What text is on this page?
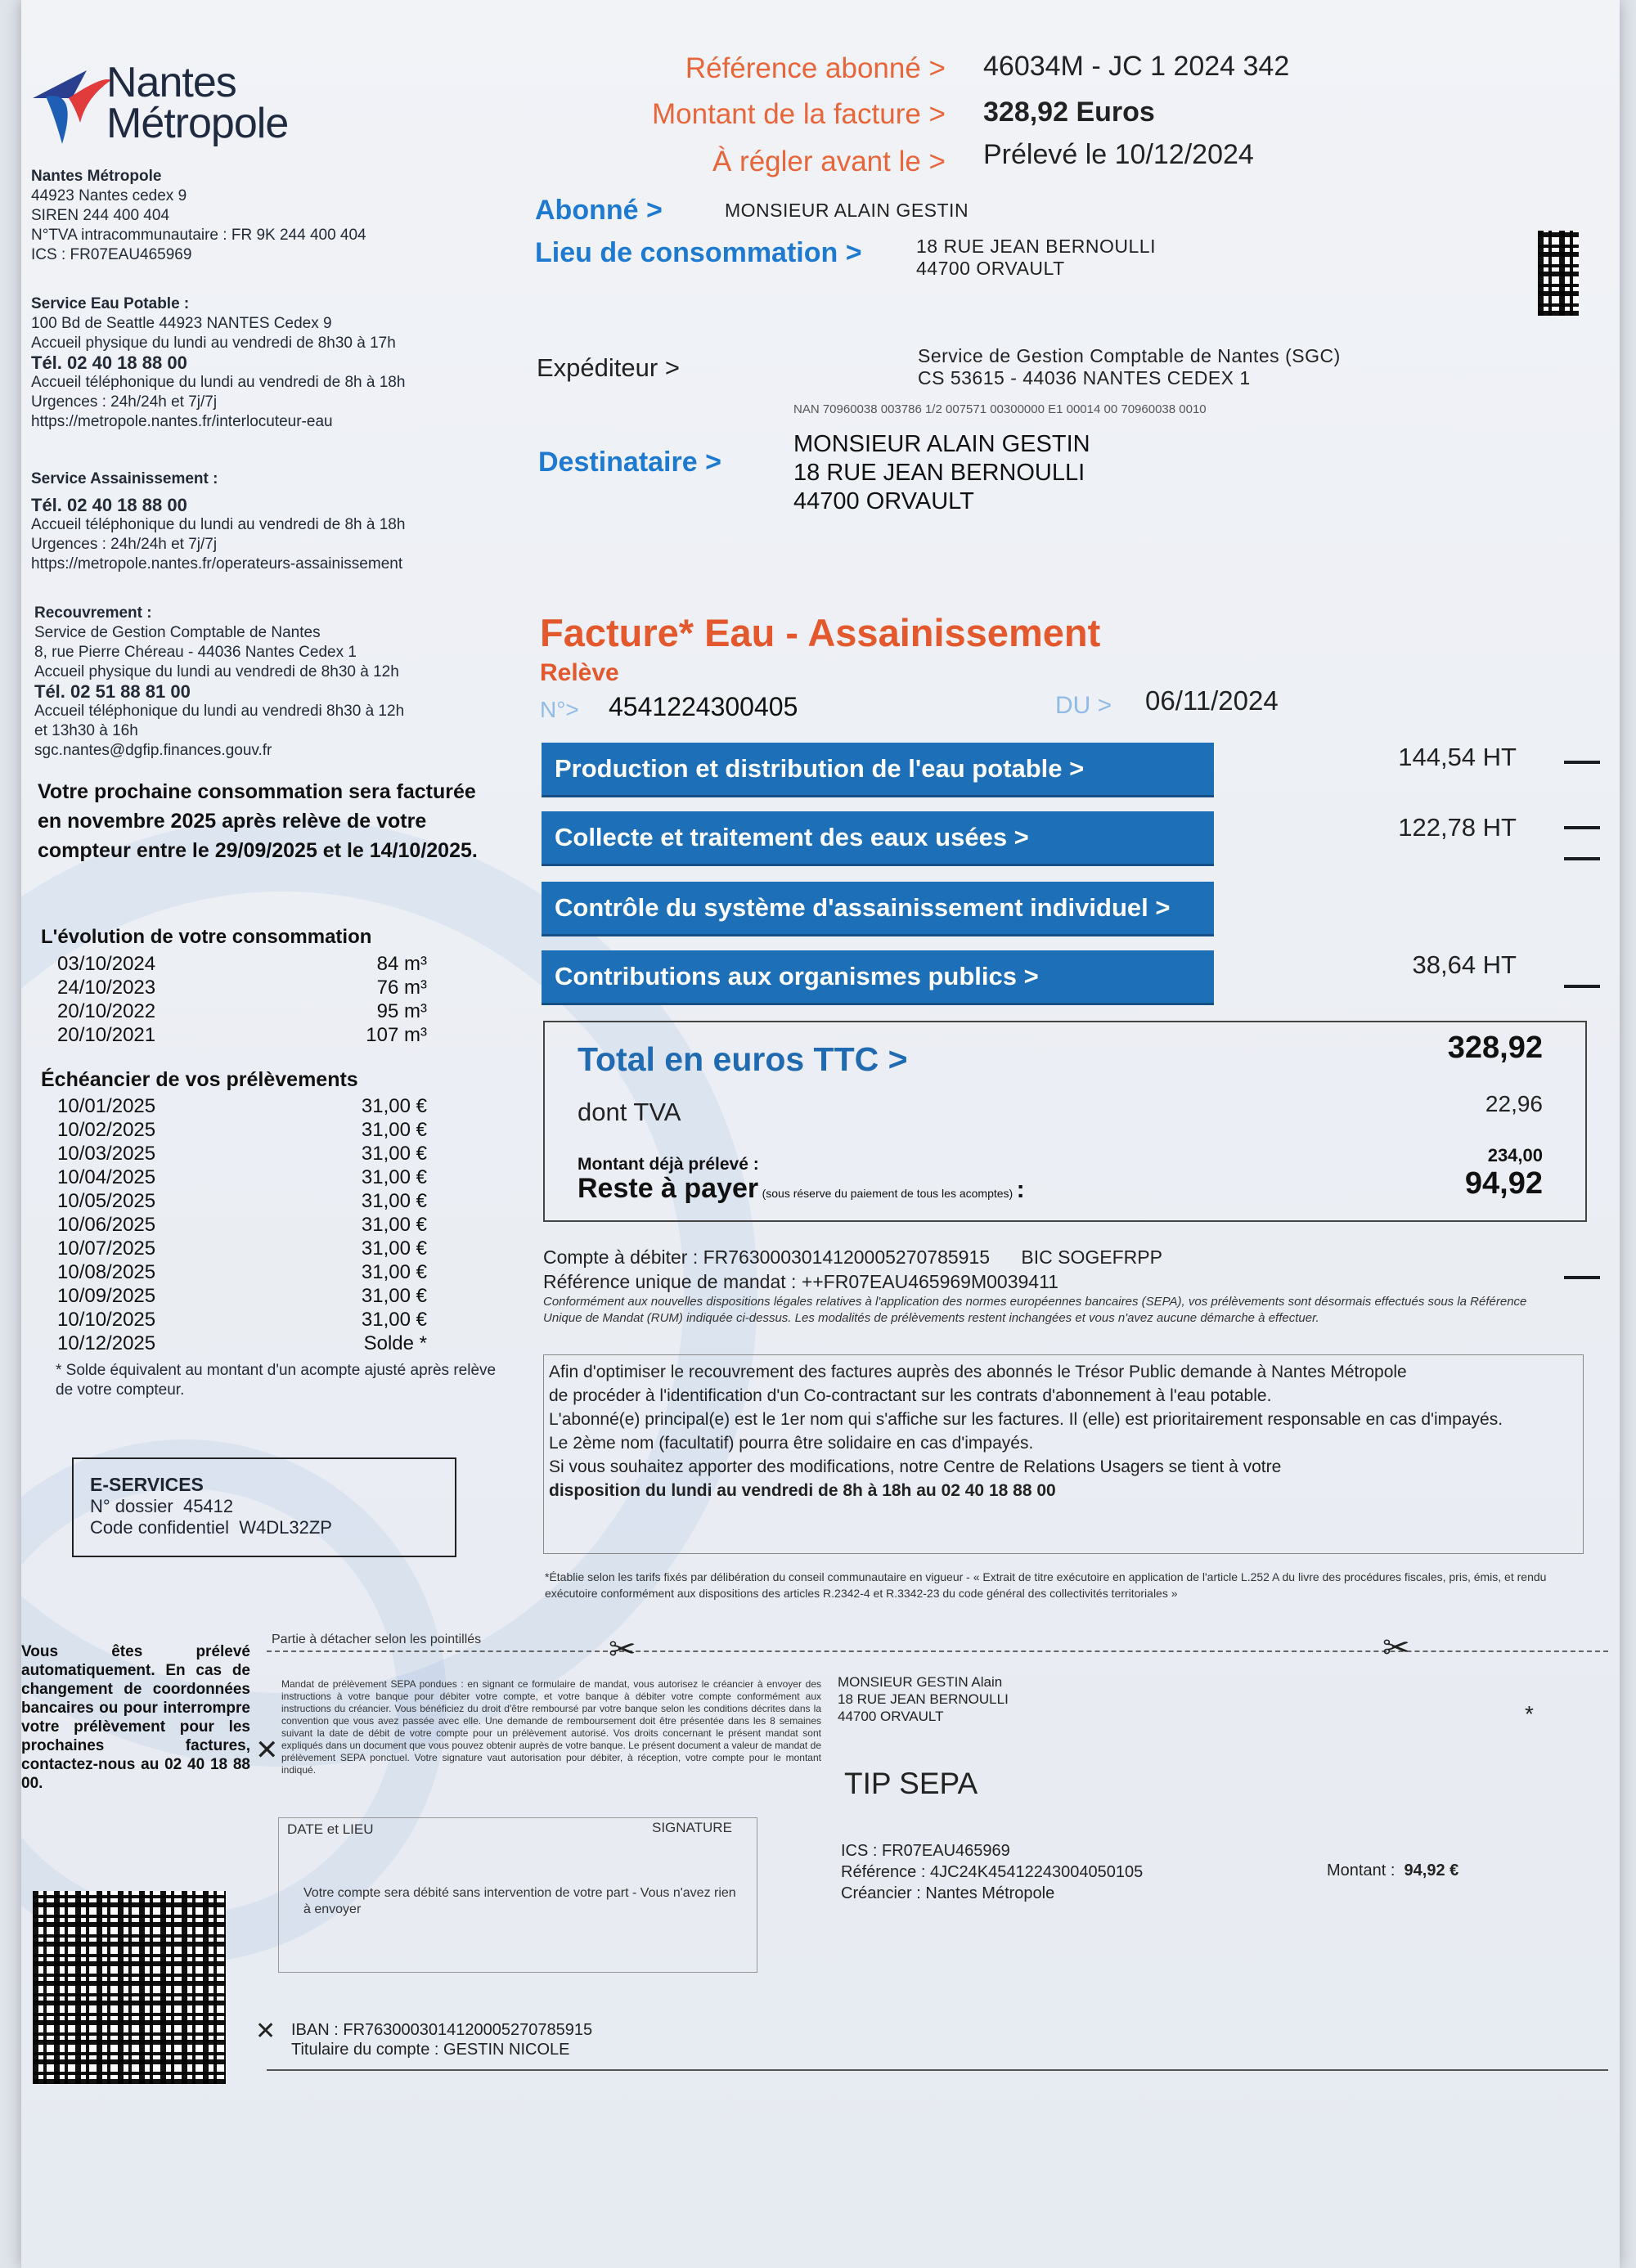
Nantes
Métropole
Référence abonné > 46034M - JC 1 2024 342
Montant de la facture > 328,92 Euros
À régler avant le > Prélevé le 10/12/2024
Nantes Métropole
44923 Nantes cedex 9
SIREN 244 400 404
N°TVA intracommunautaire : FR 9K 244 400 404
ICS : FR07EAU465969
Service Eau Potable :
100 Bd de Seattle 44923 NANTES Cedex 9
Accueil physique du lundi au vendredi de 8h30 à 17h
Tél. 02 40 18 88 00
Accueil téléphonique du lundi au vendredi de 8h à 18h
Urgences : 24h/24h et 7j/7j
https://metropole.nantes.fr/interlocuteur-eau
Service Assainissement :
Tél. 02 40 18 88 00
Accueil téléphonique du lundi au vendredi de 8h à 18h
Urgences : 24h/24h et 7j/7j
https://metropole.nantes.fr/operateurs-assainissement
Recouvrement :
Service de Gestion Comptable de Nantes
8, rue Pierre Chéreau - 44036 Nantes Cedex 1
Accueil physique du lundi au vendredi de 8h30 à 12h
Tél. 02 51 88 81 00
Accueil téléphonique du lundi au vendredi 8h30 à 12h
et 13h30 à 16h
sgc.nantes@dgfip.finances.gouv.fr
Votre prochaine consommation sera facturée en novembre 2025 après relève de votre compteur entre le 29/09/2025 et le 14/10/2025.
L'évolution de votre consommation
03/10/2024	84 m³
24/10/2023	76 m³
20/10/2022	95 m³
20/10/2021	107 m³
Échéancier de vos prélèvements
10/01/2025	31,00 €
10/02/2025	31,00 €
10/03/2025	31,00 €
10/04/2025	31,00 €
10/05/2025	31,00 €
10/06/2025	31,00 €
10/07/2025	31,00 €
10/08/2025	31,00 €
10/09/2025	31,00 €
10/10/2025	31,00 €
10/12/2025	Solde *
* Solde équivalent au montant d'un acompte ajusté après relève de votre compteur.
E-SERVICES
N° dossier 45412
Code confidentiel W4DL32ZP
Abonné >	MONSIEUR ALAIN GESTIN
Lieu de consommation >	18 RUE JEAN BERNOULLI
44700 ORVAULT
Expéditeur >	Service de Gestion Comptable de Nantes (SGC)
CS 53615 - 44036 NANTES CEDEX 1
NAN 70960038 003786 1/2 007571 00300000 E1 00014 00 70960038 0010
Destinataire >
MONSIEUR ALAIN GESTIN
18 RUE JEAN BERNOULLI
44700 ORVAULT
Facture* Eau - Assainissement
Relève
N°> 4541224300405	DU > 06/11/2024
Production et distribution de l'eau potable >	144,54 HT
Collecte et traitement des eaux usées >	122,78 HT
Contrôle du système d'assainissement individuel >
Contributions aux organismes publics >	38,64 HT
Total en euros TTC >	328,92
dont TVA	22,96
Montant déjà prélevé :	234,00
Reste à payer (sous réserve du paiement de tous les acomptes) :	94,92
Compte à débiter : FR7630003014120005270785915      BIC SOGEFRPP
Référence unique de mandat : ++FR07EAU465969M0039411
Conformément aux nouvelles dispositions légales relatives à l'application des normes européennes bancaires (SEPA), vos prélèvements sont désormais effectués sous la Référence Unique de Mandat (RUM) indiquée ci-dessus. Les modalités de prélèvements restent inchangées et vous n'avez aucune démarche à effectuer.
Afin d'optimiser le recouvrement des factures auprès des abonnés le Trésor Public demande à Nantes Métropole
de procéder à l'identification d'un Co-contractant sur les contrats d'abonnement à l'eau potable.
L'abonné(e) principal(e) est le 1er nom qui s'affiche sur les factures. Il (elle) est prioritairement responsable en cas d'impayés.
Le 2ème nom (facultatif) pourra être solidaire en cas d'impayés.
Si vous souhaitez apporter des modifications, notre Centre de Relations Usagers se tient à votre
disposition du lundi au vendredi de 8h à 18h au 02 40 18 88 00
*Établie selon les tarifs fixés par délibération du conseil communautaire en vigueur - « Extrait de titre exécutoire en application de l'article L.252 A du livre des procédures fiscales, pris, émis, et rendu exécutoire conformément aux dispositions des articles R.2342-4 et R.3342-23 du code général des collectivités territoriales »
Vous êtes prélevé automatiquement. En cas de changement de coordonnées bancaires ou pour interrompre votre prélèvement pour les prochaines factures, contactez-nous au 02 40 18 88 00.
Partie à détacher selon les pointillés	✂	✂
✕
Mandat de prélèvement SEPA pondues : en signant ce formulaire de mandat, vous autorisez le créancier à envoyer des instructions à votre banque pour débiter votre compte, et votre banque à débiter votre compte conformément aux instructions du créancier. Vous bénéficiez du droit d'être remboursé par votre banque selon les conditions décrites dans la convention que vous avez passée avec elle. Une demande de remboursement doit être présentée dans les 8 semaines suivant la date de débit de votre compte pour un prélèvement autorisé. Vos droits concernant le présent mandat sont expliqués dans un document que vous pouvez obtenir auprès de votre banque. Le présent document a valeur de mandat de prélèvement SEPA ponctuel. Votre signature vaut autorisation pour débiter, à réception, votre compte pour le montant indiqué.
MONSIEUR GESTIN Alain
18 RUE JEAN BERNOULLI
44700 ORVAULT	*
TIP SEPA
DATE et LIEU	SIGNATURE
Votre compte sera débité sans intervention de votre part - Vous n'avez rien à envoyer
ICS : FR07EAU465969
Référence : 4JC24K45412243004050105
Créancier : Nantes Métropole
Montant : 94,92 €
✕ IBAN : FR7630003014120005270785915
Titulaire du compte : GESTIN NICOLE
